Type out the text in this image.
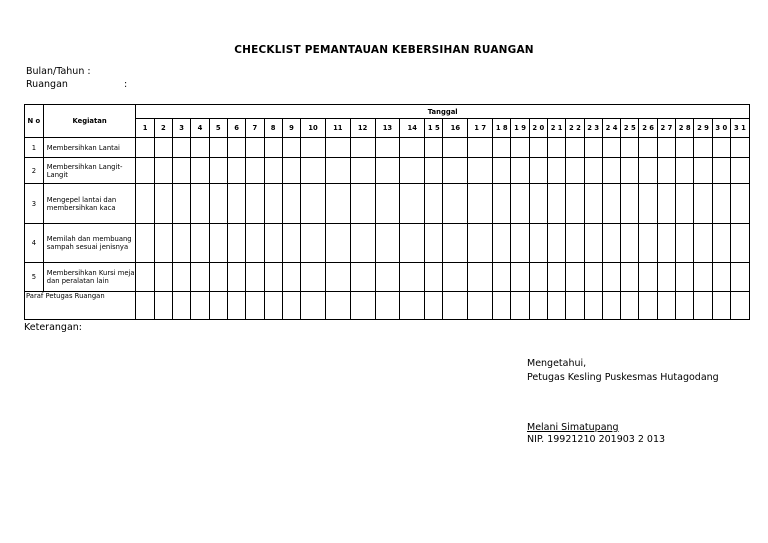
CHECKLIST PEMANTAUAN KEBERSIHAN RUANGAN
Bulan/Tahun :
Ruangan	:
N o	Kegiatan	Tanggal																														
		1	2	3	4	5	6	7	8	9	10	11	12	13	14	1 5	16	1 7	1 8	1 9	2 0	2 1	2 2	2 3	2 4	2 5	2 6	2 7	2 8	2 9	3 0	3 1
1	Membersihkan Lantai																															
2	Membersihkan Langit-Langit																															
3	Mengepel lantai dan membersihkan kaca																															
4	Memilah dan membuang sampah sesuai jenisnya																															
5	Membersihkan Kursi meja dan peralatan lain																															
Paraf Petugas Ruangan																																
Keterangan:
Mengetahui,
Petugas Kesling Puskesmas Hutagodang
Melani Simatupang
NIP. 19921210 201903 2 013
